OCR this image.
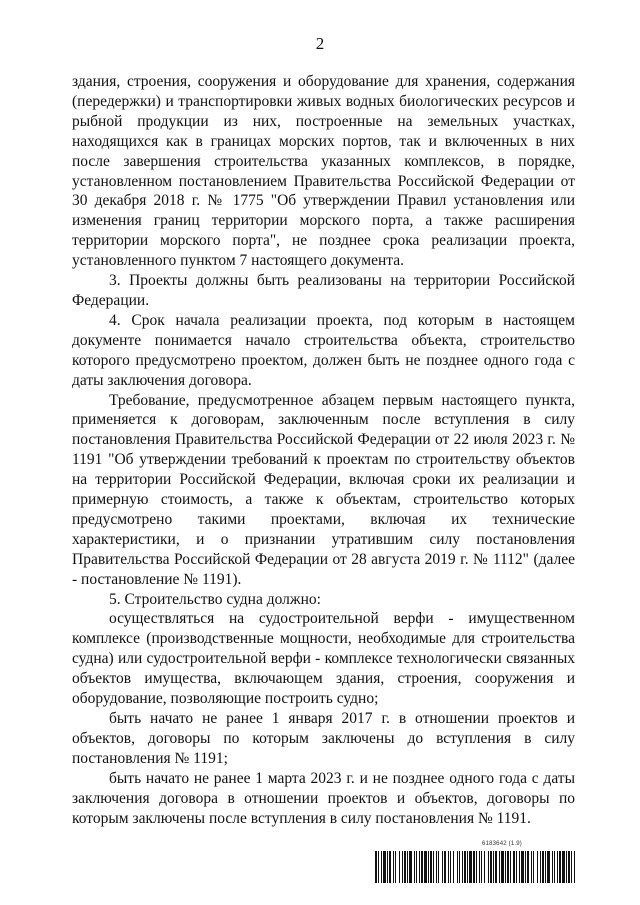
2

здания, строения, сооружения и оборудование для хранения, содержания (передержки) и транспортировки живых водных биологических ресурсов и рыбной продукции из них, построенные на земельных участках, находящихся как в границах морских портов, так и включенных в них после завершения строительства указанных комплексов, в порядке, установленном постановлением Правительства Российской Федерации от 30 декабря 2018 г. № 1775 "Об утверждении Правил установления или изменения границ территории морского порта, а также расширения территории морского порта", не позднее срока реализации проекта, установленного пунктом 7 настоящего документа.

3. Проекты должны быть реализованы на территории Российской Федерации.

4. Срок начала реализации проекта, под которым в настоящем документе понимается начало строительства объекта, строительство которого предусмотрено проектом, должен быть не позднее одного года с даты заключения договора.

Требование, предусмотренное абзацем первым настоящего пункта, применяется к договорам, заключенным после вступления в силу постановления Правительства Российской Федерации от 22 июля 2023 г. № 1191 "Об утверждении требований к проектам по строительству объектов на территории Российской Федерации, включая сроки их реализации и примерную стоимость, а также к объектам, строительство которых предусмотрено такими проектами, включая их технические характеристики, и о признании утратившим силу постановления Правительства Российской Федерации от 28 августа 2019 г. № 1112" (далее - постановление № 1191).

5. Строительство судна должно:

осуществляться на судостроительной верфи - имущественном комплексе (производственные мощности, необходимые для строительства судна) или судостроительной верфи - комплексе технологически связанных объектов имущества, включающем здания, строения, сооружения и оборудование, позволяющие построить судно;

быть начато не ранее 1 января 2017 г. в отношении проектов и объектов, договоры по которым заключены до вступления в силу постановления № 1191;

быть начато не ранее 1 марта 2023 г. и не позднее одного года с даты заключения договора в отношении проектов и объектов, договоры по которым заключены после вступления в силу постановления № 1191.

6183642 (1.9)
